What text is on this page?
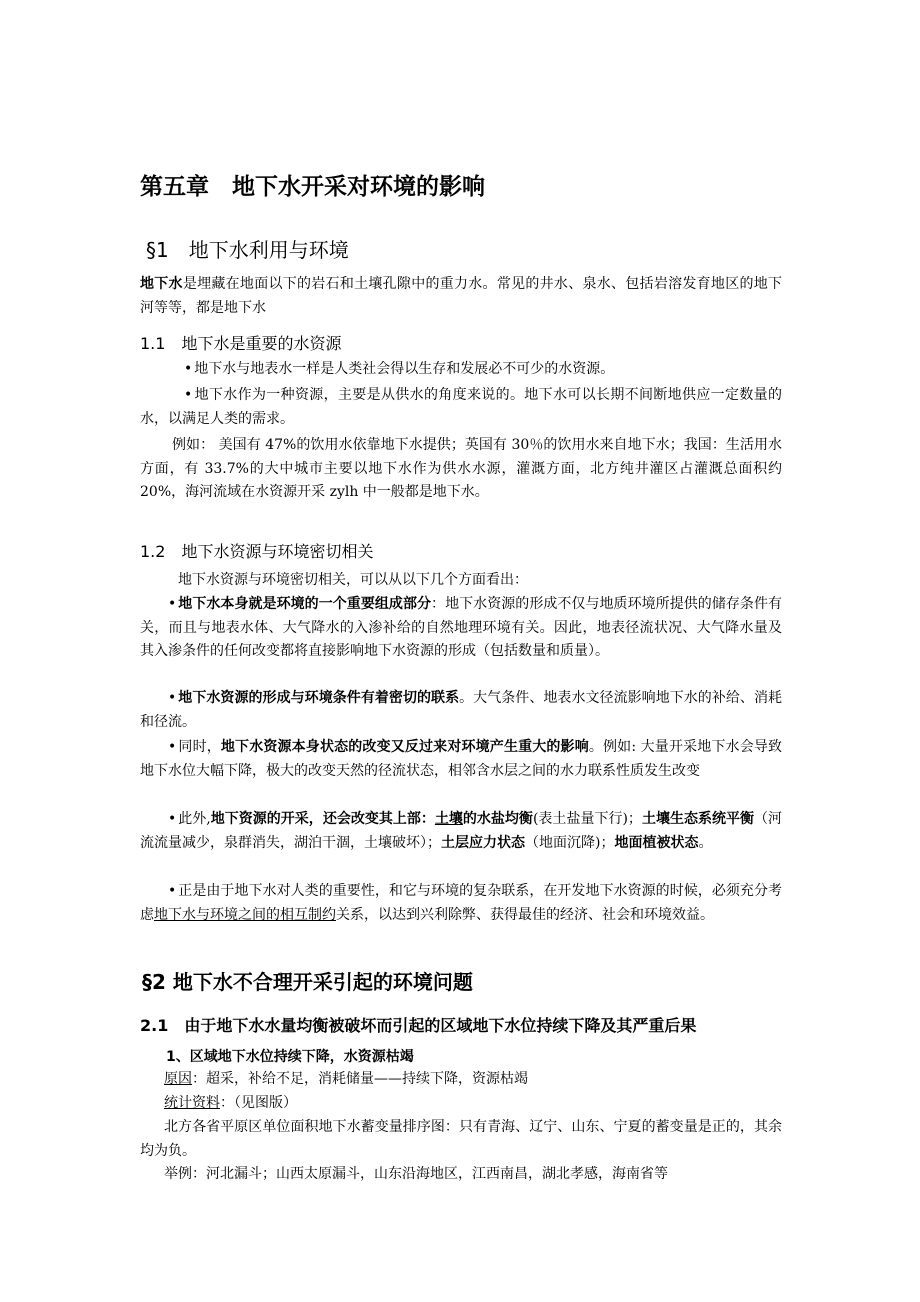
第五章　地下水开采对环境的影响
§1　地下水利用与环境
地下水是埋藏在地面以下的岩石和土壤孔隙中的重力水。常见的井水、泉水、包括岩溶发育地区的地下河等等，都是地下水
1.1　地下水是重要的水资源
• 地下水与地表水一样是人类社会得以生存和发展必不可少的水资源。
• 地下水作为一种资源，主要是从供水的角度来说的。地下水可以长期不间断地供应一定数量的水，以满足人类的需求。
例如： 美国有 47%的饮用水依靠地下水提供；英国有 30％的饮用水来自地下水；我国：生活用水方面，有 33.7%的大中城市主要以地下水作为供水水源，灌溉方面，北方纯井灌区占灌溉总面积约 20%，海河流域在水资源开采 zylh 中一般都是地下水。
1.2　地下水资源与环境密切相关
地下水资源与环境密切相关，可以从以下几个方面看出：
• 地下水本身就是环境的一个重要组成部分：地下水资源的形成不仅与地质环境所提供的储存条件有关，而且与地表水体、大气降水的入渗补给的自然地理环境有关。因此，地表径流状况、大气降水量及其入渗条件的任何改变都将直接影响地下水资源的形成（包括数量和质量）。
• 地下水资源的形成与环境条件有着密切的联系。大气条件、地表水文径流影响地下水的补给、消耗和径流。
• 同时，地下水资源本身状态的改变又反过来对环境产生重大的影响。例如: 大量开采地下水会导致地下水位大幅下降，极大的改变天然的径流状态，相邻含水层之间的水力联系性质发生改变
• 此外,地下资源的开采，还会改变其上部：土壤的水盐均衡(表土盐量下行)；土壤生态系统平衡（河流流量减少，泉群消失，湖泊干涸，土壤破坏）；土层应力状态（地面沉降)；地面植被状态。
• 正是由于地下水对人类的重要性，和它与环境的复杂联系，在开发地下水资源的时候，必须充分考虑地下水与环境之间的相互制约关系，以达到兴利除弊、获得最佳的经济、社会和环境效益。
§2 地下水不合理开采引起的环境问题
2.1　由于地下水水量均衡被破坏而引起的区域地下水位持续下降及其严重后果
1、区域地下水位持续下降，水资源枯竭
原因：超采，补给不足，消耗储量——持续下降，资源枯竭
统计资料：（见图版）
北方各省平原区单位面积地下水蓄变量排序图：只有青海、辽宁、山东、宁夏的蓄变量是正的，其余均为负。
举例：河北漏斗；山西太原漏斗，山东沿海地区，江西南昌，湖北孝感，海南省等
